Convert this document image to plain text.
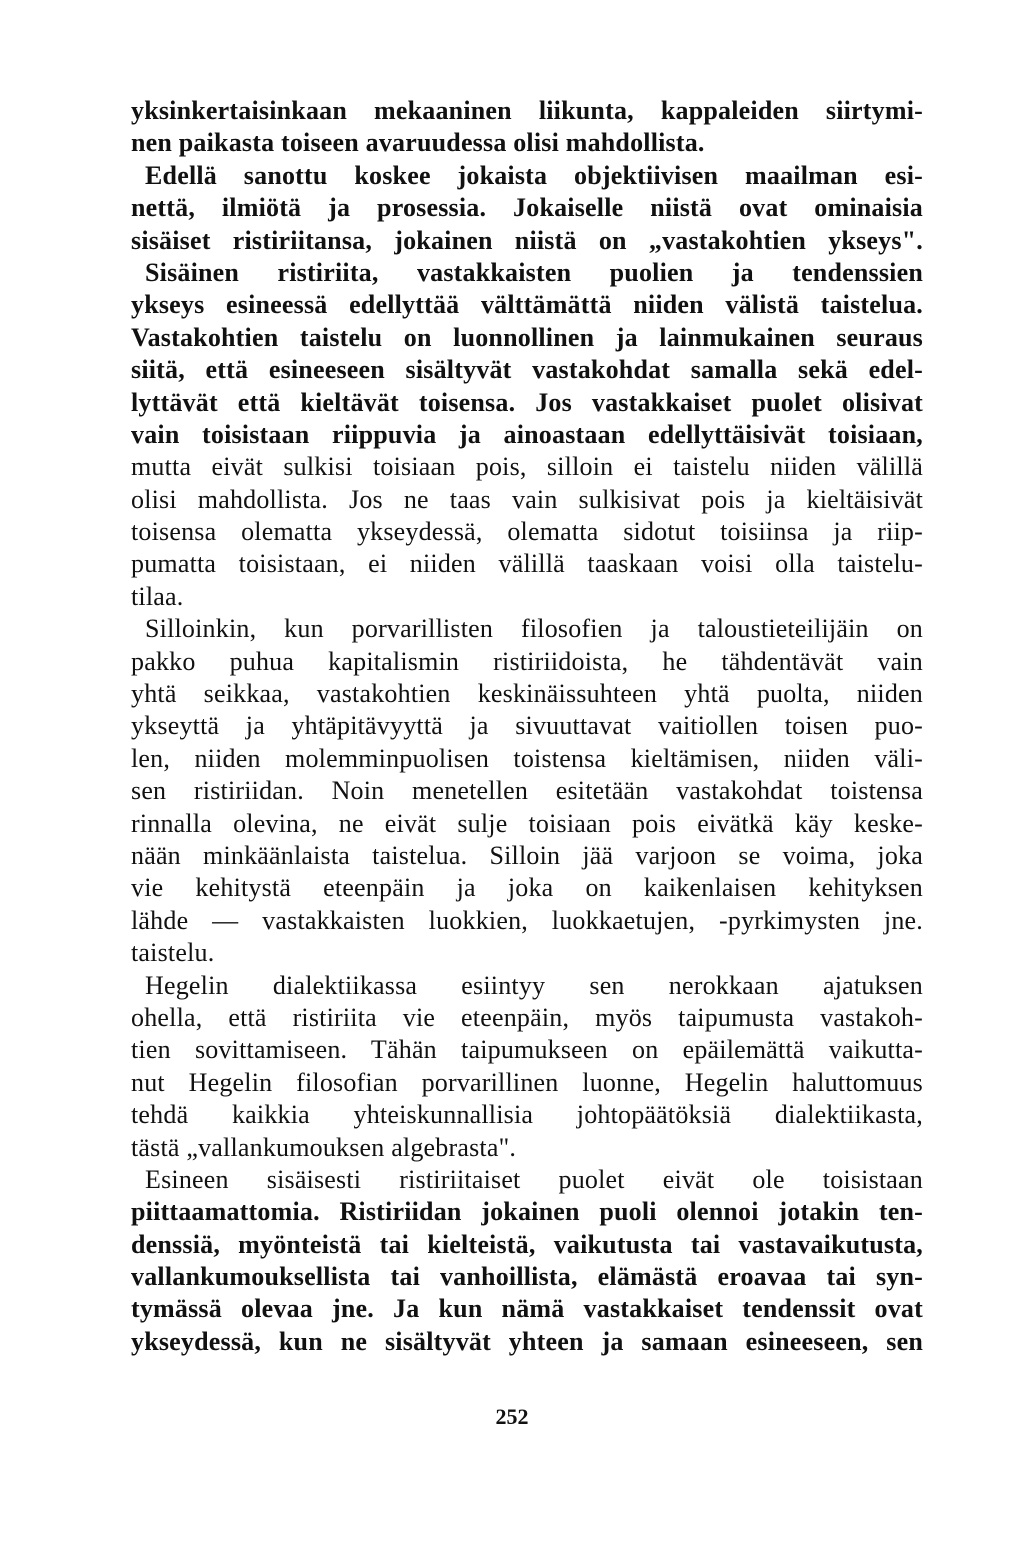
yksinkertaisinkaan mekaaninen liikunta, kappaleiden siirtymi-
nen paikasta toiseen avaruudessa olisi mahdollista.
Edellä sanottu koskee jokaista objektiivisen maailman esi-
nettä, ilmiötä ja prosessia. Jokaiselle niistä ovat ominaisia
sisäiset ristiriitansa, jokainen niistä on „vastakohtien ykseys".
Sisäinen ristiriita, vastakkaisten puolien ja tendenssien
ykseys esineessä edellyttää välttämättä niiden välistä taistelua.
Vastakohtien taistelu on luonnollinen ja lainmukainen seuraus
siitä, että esineeseen sisältyvät vastakohdat samalla sekä edel-
lyttävät että kieltävät toisensa. Jos vastakkaiset puolet olisivat
vain toisistaan riippuvia ja ainoastaan edellyttäisivät toisiaan,
mutta eivät sulkisi toisiaan pois, silloin ei taistelu niiden välillä
olisi mahdollista. Jos ne taas vain sulkisivat pois ja kieltäisivät
toisensa olematta ykseydessä, olematta sidotut toisiinsa ja riip-
pumatta toisistaan, ei niiden välillä taaskaan voisi olla taistelu-
tilaa.
Silloinkin, kun porvarillisten filosofien ja taloustieteilijäin on
pakko puhua kapitalismin ristiriidoista, he tähdentävät vain
yhtä seikkaa, vastakohtien keskinäissuhteen yhtä puolta, niiden
ykseyttä ja yhtäpitävyyttä ja sivuuttavat vaitiollen toisen puo-
len, niiden molemminpuolisen toistensa kieltämisen, niiden väli-
sen ristiriidan. Noin menetellen esitetään vastakohdat toistensa
rinnalla olevina, ne eivät sulje toisiaan pois eivätkä käy keske-
nään minkäänlaista taistelua. Silloin jää varjoon se voima, joka
vie kehitystä eteenpäin ja joka on kaikenlaisen kehityksen
lähde — vastakkaisten luokkien, luokkaetujen, -pyrkimysten jne.
taistelu.
Hegelin dialektiikassa esiintyy sen nerokkaan ajatuksen
ohella, että ristiriita vie eteenpäin, myös taipumusta vastakoh-
tien sovittamiseen. Tähän taipumukseen on epäilemättä vaikutta-
nut Hegelin filosofian porvarillinen luonne, Hegelin haluttomuus
tehdä kaikkia yhteiskunnallisia johtopäätöksiä dialektiikasta,
tästä „vallankumouksen algebrasta".
Esineen sisäisesti ristiriitaiset puolet eivät ole toisistaan
piittaamattomia. Ristiriidan jokainen puoli olennoi jotakin ten-
denssiä, myönteistä tai kielteistä, vaikutusta tai vastavaikutusta,
vallankumouksellista tai vanhoillista, elämästä eroavaa tai syn-
tymässä olevaa jne. Ja kun nämä vastakkaiset tendenssit ovat
ykseydessä, kun ne sisältyvät yhteen ja samaan esineeseen, sen
252
